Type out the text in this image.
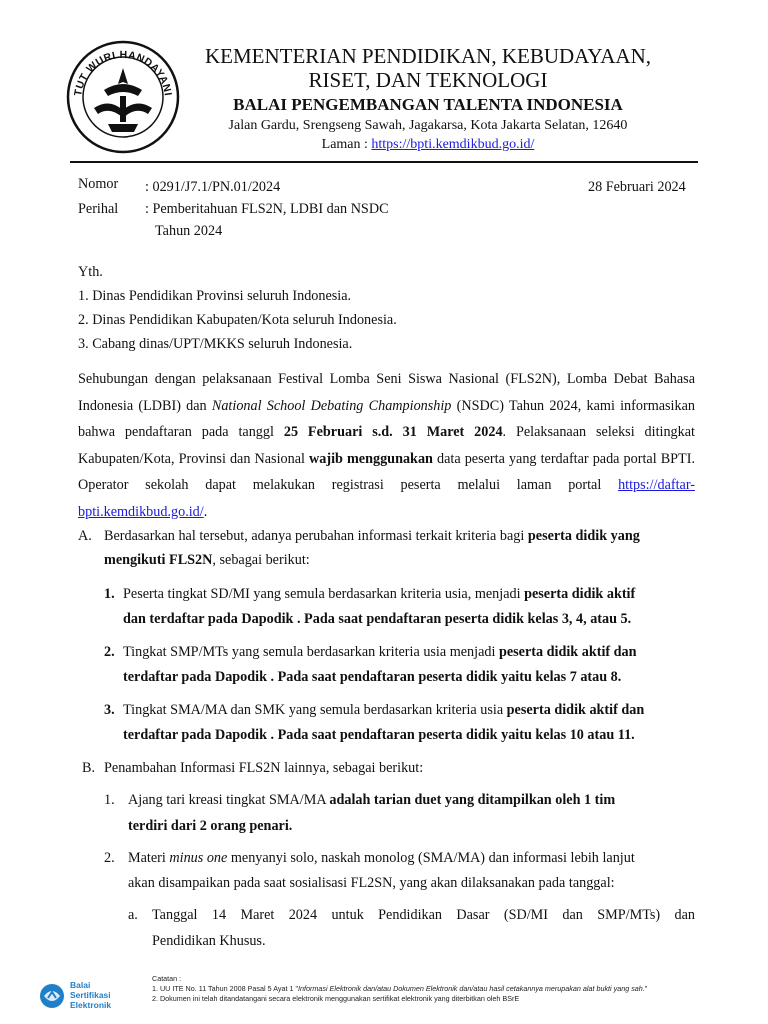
TUT WURI HANDAYANI
KEMENTERIAN PENDIDIKAN, KEBUDAYAAN,
RISET, DAN TEKNOLOGI
BALAI PENGEMBANGAN TALENTA INDONESIA
Jalan Gardu, Srengseng Sawah, Jagakarsa, Kota Jakarta Selatan, 12640
Laman : https://bpti.kemdikbud.go.id/
Nomor : 0291/J7.1/PN.01/2024	28 Februari 2024
Perihal : Pemberitahuan FLS2N, LDBI dan NSDC
Tahun 2024
Yth.
1. Dinas Pendidikan Provinsi seluruh Indonesia.
2. Dinas Pendidikan Kabupaten/Kota seluruh Indonesia.
3. Cabang dinas/UPT/MKKS seluruh Indonesia.
Sehubungan dengan pelaksanaan Festival Lomba Seni Siswa Nasional (FLS2N), Lomba Debat Bahasa Indonesia (LDBI) dan National School Debating Championship (NSDC) Tahun 2024, kami informasikan bahwa pendaftaran pada tanggl 25 Februari s.d. 31 Maret 2024. Pelaksanaan seleksi ditingkat Kabupaten/Kota, Provinsi dan Nasional wajib menggunakan data peserta yang terdaftar pada portal BPTI. Operator sekolah dapat melakukan registrasi peserta melalui laman portal https://daftar-bpti.kemdikbud.go.id/.
A. Berdasarkan hal tersebut, adanya perubahan informasi terkait kriteria bagi peserta didik yang
mengikuti FLS2N, sebagai berikut:
1. Peserta tingkat SD/MI yang semula berdasarkan kriteria usia, menjadi peserta didik aktif
dan terdaftar pada Dapodik . Pada saat pendaftaran peserta didik kelas 3, 4, atau 5.
2. Tingkat SMP/MTs yang semula berdasarkan kriteria usia menjadi peserta didik aktif dan
terdaftar pada Dapodik . Pada saat pendaftaran peserta didik yaitu kelas 7 atau 8.
3. Tingkat SMA/MA dan SMK yang semula berdasarkan kriteria usia peserta didik aktif dan
terdaftar pada Dapodik . Pada saat pendaftaran peserta didik yaitu kelas 10 atau 11.
B. Penambahan Informasi FLS2N lainnya, sebagai berikut:
1. Ajang tari kreasi tingkat SMA/MA adalah tarian duet yang ditampilkan oleh 1 tim
terdiri dari 2 orang penari.
2. Materi minus one menyanyi solo, naskah monolog (SMA/MA) dan informasi lebih lanjut
akan disampaikan pada saat sosialisasi FL2SN, yang akan dilaksanakan pada tanggal:
a. Tanggal 14 Maret 2024 untuk Pendidikan Dasar (SD/MI dan SMP/MTs) dan
Pendidikan Khusus.
Balai
Sertifikasi
Elektronik
Catatan :
1. UU ITE No. 11 Tahun 2008 Pasal 5 Ayat 1 "Informasi Elektronik dan/atau Dokumen Elektronik dan/atau hasil cetakannya merupakan alat bukti yang sah."
2. Dokumen ini telah ditandatangani secara elektronik menggunakan sertifikat elektronik yang diterbitkan oleh BSrE
